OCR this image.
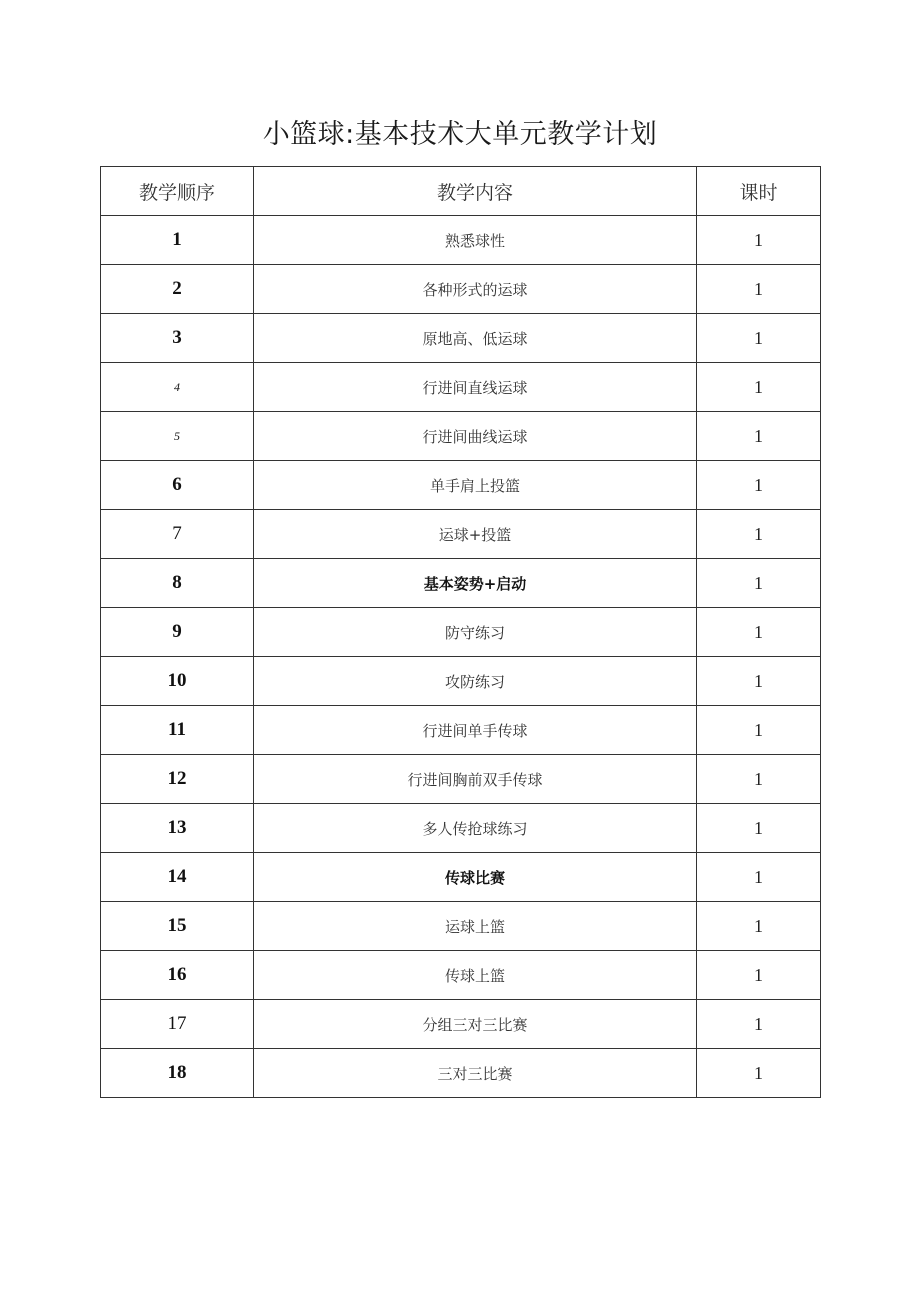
小篮球:基本技术大单元教学计划
教学顺序	教学内容	课时
1	熟悉球性	1
2	各种形式的运球	1
3	原地高、低运球	1
4	行进间直线运球	1
5	行进间曲线运球	1
6	单手肩上投篮	1
7	运球+投篮	1
8	基本姿势+启动	1
9	防守练习	1
10	攻防练习	1
11	行进间单手传球	1
12	行进间胸前双手传球	1
13	多人传抢球练习	1
14	传球比赛	1
15	运球上篮	1
16	传球上篮	1
17	分组三对三比赛	1
18	三对三比赛	1
